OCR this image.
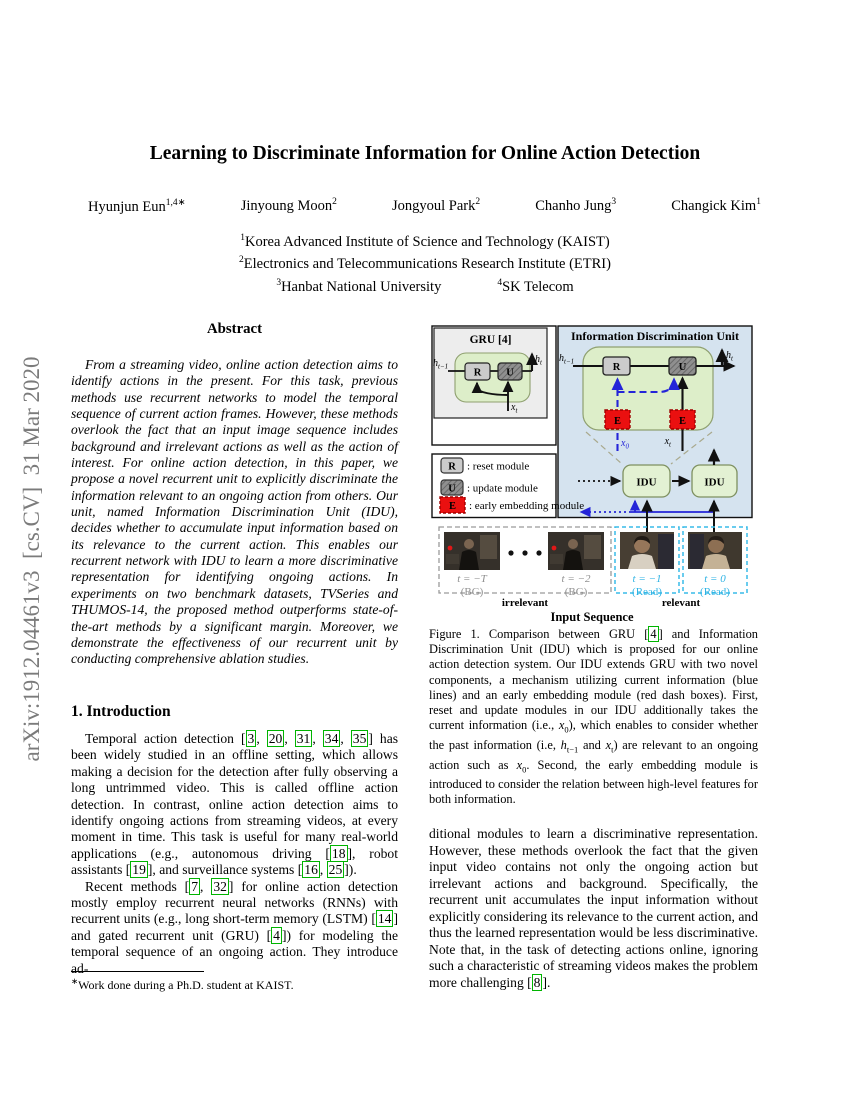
arXiv:1912.04461v3  [cs.CV]  31 Mar 2020
Learning to Discriminate Information for Online Action Detection
Hyunjun Eun$^{1,4∗}$	Jinyoung Moon$^2$	Jongyoul Park$^2$	Chanho Jung$^3$	Changick Kim$^1$
$^1$Korea Advanced Institute of Science and Technology (KAIST)
$^2$Electronics and Telecommunications Research Institute (ETRI)
$^3$Hanbat National University	$^4$SK Telecom
Abstract
From a streaming video, online action detection aims to identify actions in the present. For this task, previous methods use recurrent networks to model the temporal sequence of current action frames. However, these methods overlook the fact that an input image sequence includes background and irrelevant actions as well as the action of interest. For online action detection, in this paper, we propose a novel recurrent unit to explicitly discriminate the information relevant to an ongoing action from others. Our unit, named Information Discrimination Unit (IDU), decides whether to accumulate input information based on its relevance to the current action. This enables our recurrent network with IDU to learn a more discriminative representation for identifying ongoing actions. In experiments on two benchmark datasets, TVSeries and THUMOS-14, the proposed method outperforms state-of-the-art methods by a significant margin. Moreover, we demonstrate the effectiveness of our recurrent unit by conducting comprehensive ablation studies.
1. Introduction

Temporal action detection [ 3 , 20 , 31 , 34 , 35 ] has been widely studied in an offline setting, which allows making a decision for the detection after fully observing a long untrimmed video. This is called offline action detection. In contrast, online action detection aims to identify ongoing actions from streaming videos, at every moment in time. This task is useful for many real-world applications (e.g., autonomous driving [ 18 ], robot assistants [ 19 ], and surveillance systems [ 16 , 25 ]).

Recent methods [ 7 , 32 ] for online action detection mostly employ recurrent neural networks (RNNs) with recurrent units (e.g., long short-term memory (LSTM) [ 14 ] and gated recurrent unit (GRU) [ 4 ]) for modeling the temporal sequence of an ongoing action. They introduce ad-

∗Work done during a Ph.D. student at KAIST.
Information Discrimination Unit
R	U
E	E
$h_{t-1}$
$h_t$
$x_0$	$x_t$
IDU	IDU
GRU [4]
R U
$h_{t-1}$
$h_t$
$x_t$
R : reset module
U : update module
E : early embedding module
t = −T
(BG)
t = −2
(BG)
t = −1
(Read)
t = 0
(Read)
irrelevant	relevant
Input Sequence
Figure 1. Comparison between GRU [ 4 ] and Information Discrimination Unit (IDU) which is proposed for our online action detection system. Our IDU extends GRU with two novel components, a mechanism utilizing current information (blue lines) and an early embedding module (red dash boxes). First, reset and update modules in our IDU additionally takes the current information (i.e., $x_0$), which enables to consider whether the past information (i.e, $h_{t-1}$ and $x_t$) are relevant to an ongoing action such as $x_0$. Second, the early embedding module is introduced to consider the relation between high-level features for both information.
ditional modules to learn a discriminative representation. However, these methods overlook the fact that the given input video contains not only the ongoing action but irrelevant actions and background. Specifically, the recurrent unit accumulates the input information without explicitly considering its relevance to the current action, and thus the learned representation would be less discriminative. Note that, in the task of detecting actions online, ignoring such a characteristic of streaming videos makes the problem more challenging [ 8 ].
